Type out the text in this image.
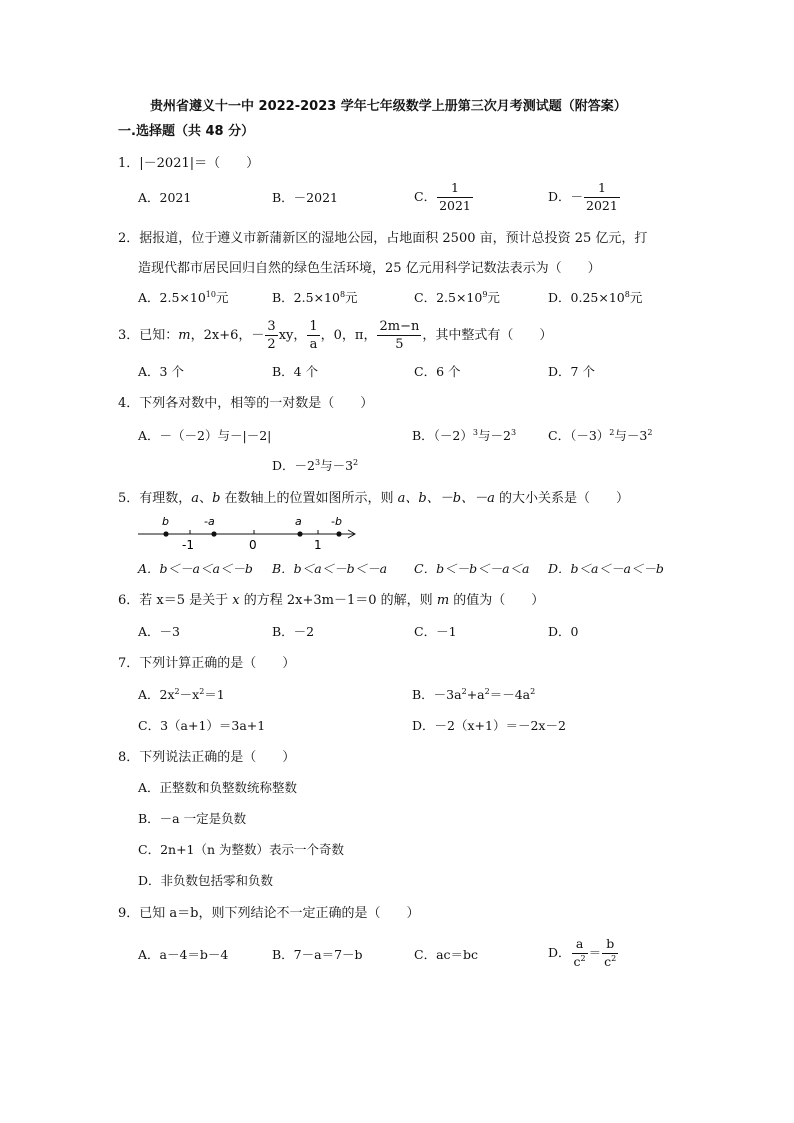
贵州省遵义十一中 2022-2023 学年七年级数学上册第三次月考测试题（附答案）
一.选择题（共 48 分）
1．|－2021|＝（　　）
A．2021	B．－2021	C． $\frac{1}{2021}$	D．－ $\frac{1}{2021}$
2．据报道，位于遵义市新蒲新区的湿地公园，占地面积 2500 亩，预计总投资 25 亿元，打
造现代都市居民回归自然的绿色生活环境，25 亿元用科学记数法表示为（　　）
A．$2.5\times 10^{10}$元	B．$2.5\times 10^8$元	C．$2.5\times 10^9$元	D．$0.25\times 10^8$元
3．已知：m，2x+6，－ $\frac{3}{2}$ xy， $\frac{1}{a}$ ，0，π， $\frac{2m-n}{5}$ ，其中整式有（　　）
A．3 个	B．4 个	C．6 个	D．7 个
4．下列各对数中，相等的一对数是（　　）
A．－（－2）与－|－2|	B．$(-2)^3$与$-2^3$	C．$(-3)^2$与$-3^2$
D．$-2^3$与$-3^2$
5．有理数，a、b 在数轴上的位置如图所示，则 a、b、－b、－a 的大小关系是（　　）
b	-a	a	-b
-1	0	1
A．b＜－a＜a＜－b B．b＜a＜－b＜－a C．b＜－b＜－a＜a D．b＜a＜－a＜－b
6．若 x＝5 是关于 x 的方程 2x+3m－1＝0 的解，则 m 的值为（　　）
A．－3	B．－2	C．－1	D．0
7．下列计算正确的是（　　）
A．$2x^2-x^2=1$	B．$-3a^2+a^2=-4a^2$
C．3（a+1）＝3a+1	D．－2（x+1）＝－2x－2
8．下列说法正确的是（　　）
A．正整数和负整数统称整数
B．－a 一定是负数
C．2n+1（n 为整数）表示一个奇数
D．非负数包括零和负数
9．已知 a＝b，则下列结论不一定正确的是（　　）
A．a－4＝b－4	B．7－a＝7－b	C．ac＝bc	D． $\frac{a}{c^2} = \frac{b}{c^2}$
